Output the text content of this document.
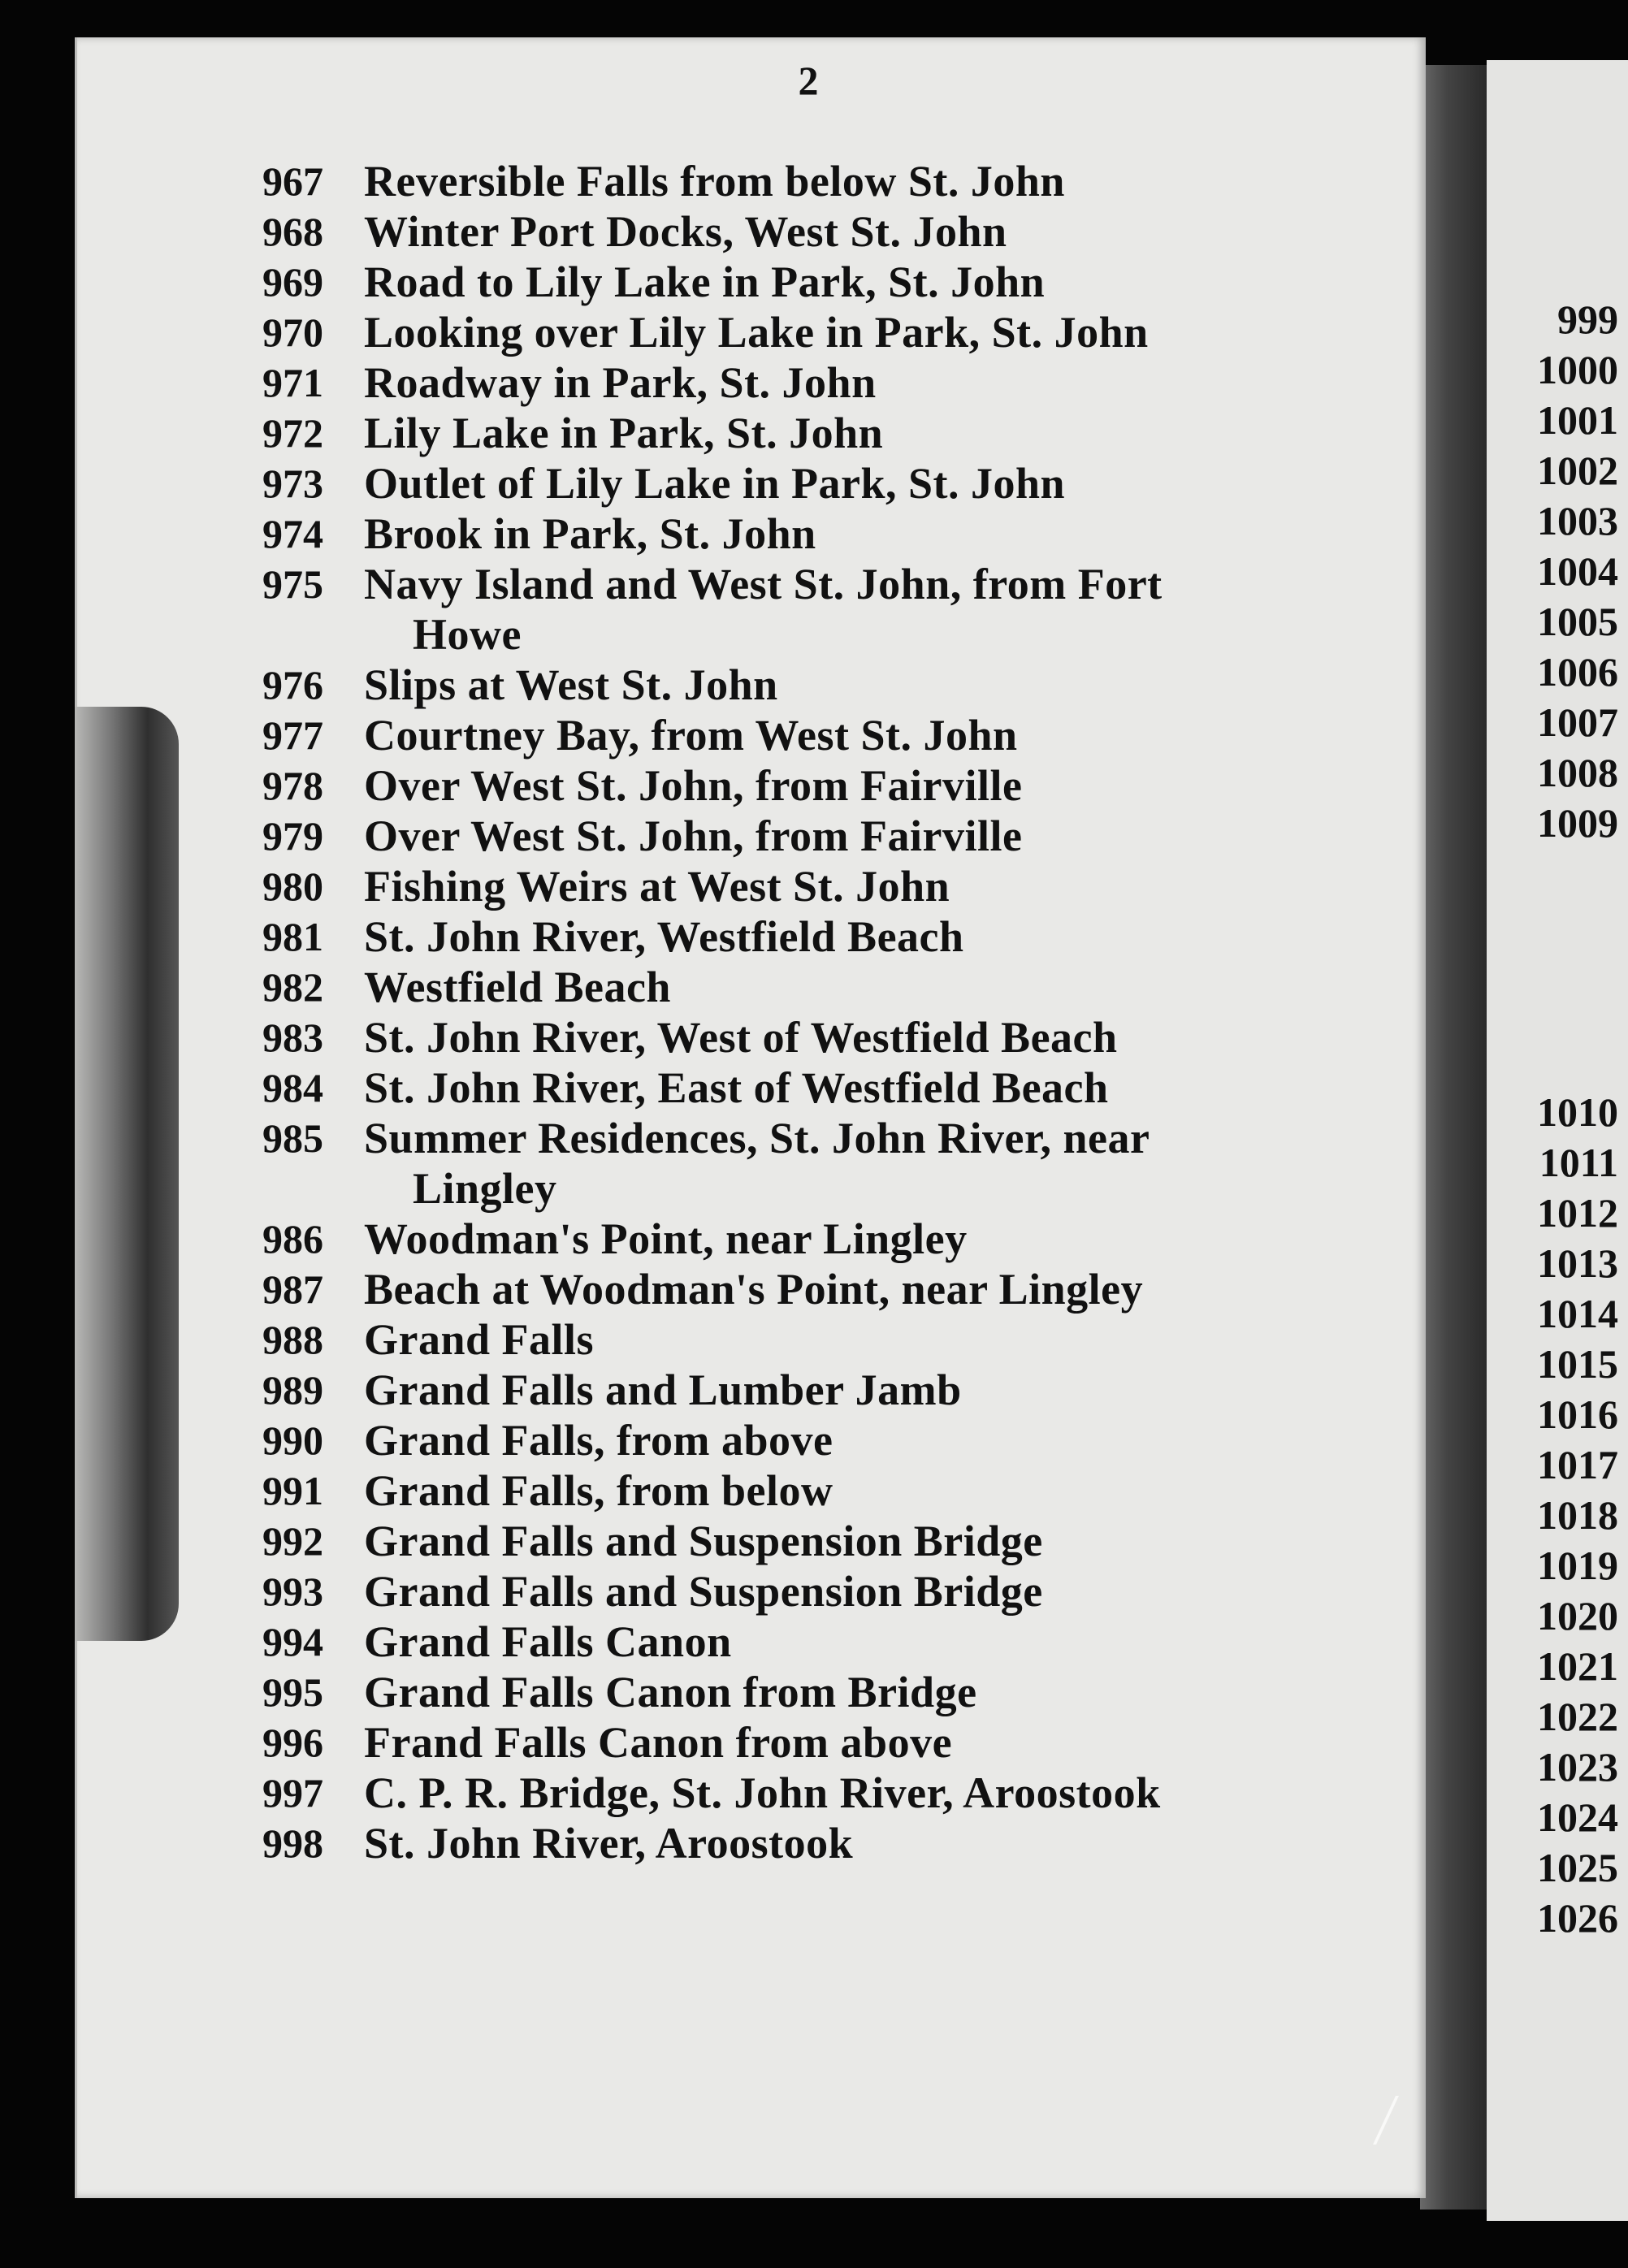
2
967 Reversible Falls from below St. John
968 Winter Port Docks, West St. John
969 Road to Lily Lake in Park, St. John
970 Looking over Lily Lake in Park, St. John
971 Roadway in Park, St. John
972 Lily Lake in Park, St. John
973 Outlet of Lily Lake in Park, St. John
974 Brook in Park, St. John
975 Navy Island and West St. John, from Fort
Howe
976 Slips at West St. John
977 Courtney Bay, from West St. John
978 Over West St. John, from Fairville
979 Over West St. John, from Fairville
980 Fishing Weirs at West St. John
981 St. John River, Westfield Beach
982 Westfield Beach
983 St. John River, West of Westfield Beach
984 St. John River, East of Westfield Beach
985 Summer Residences, St. John River, near
Lingley
986 Woodman's Point, near Lingley
987 Beach at Woodman's Point, near Lingley
988 Grand Falls
989 Grand Falls and Lumber Jamb
990 Grand Falls, from above
991 Grand Falls, from below
992 Grand Falls and Suspension Bridge
993 Grand Falls and Suspension Bridge
994 Grand Falls Canon
995 Grand Falls Canon from Bridge
996 Frand Falls Canon from above
997 C. P. R. Bridge, St. John River, Aroostook
998 St. John River, Aroostook
999
1000
1001
1002
1003
1004
1005
1006
1007
1008
1009
1010
1011
1012
1013
1014
1015
1016
1017
1018
1019
1020
1021
1022
1023
1024
1025
1026
